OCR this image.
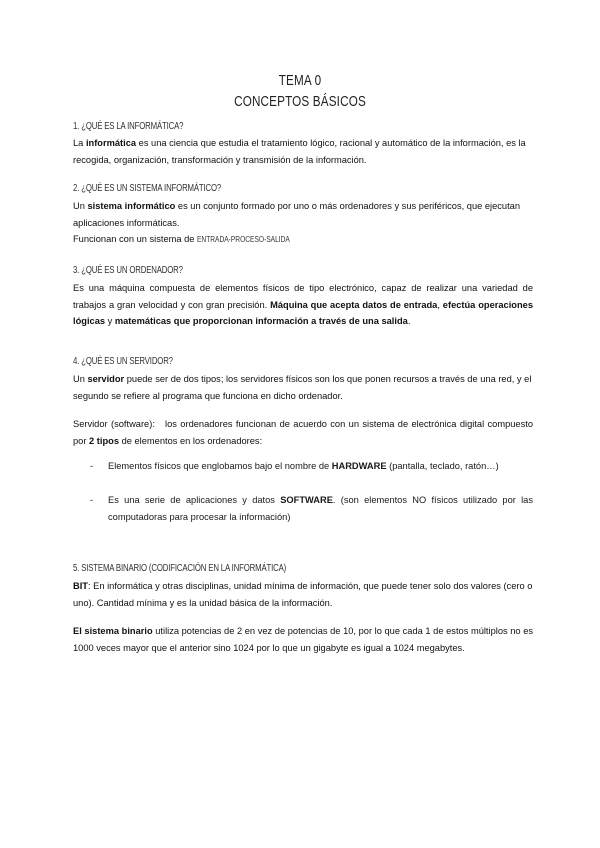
TEMA 0
CONCEPTOS BÁSICOS
1. ¿QUÉ ES LA INFORMÁTICA?
La informática es una ciencia que estudia el tratamiento lógico, racional y automático de la información, es la recogida, organización, transformación y transmisión de la información.
2. ¿QUÉ ES UN SISTEMA INFORMÁTICO?
Un sistema informático es un conjunto formado por uno o más ordenadores y sus periféricos, que ejecutan aplicaciones informáticas.
Funcionan con un sistema de ENTRADA-PROCESO-SALIDA
3. ¿QUÉ ES UN ORDENADOR?
Es una máquina compuesta de elementos físicos de tipo electrónico, capaz de realizar una variedad de trabajos a gran velocidad y con gran precisión. Máquina que acepta datos de entrada, efectúa operaciones lógicas y matemáticas que proporcionan información a través de una salida.
4. ¿QUÉ ES UN SERVIDOR?
Un servidor puede ser de dos tipos; los servidores físicos son los que ponen recursos a través de una red, y el segundo se refiere al programa que funciona en dicho ordenador.
Servidor (software):   los ordenadores funcionan de acuerdo con un sistema de electrónica digital compuesto por 2 tipos de elementos en los ordenadores:
- Elementos físicos que englobamos bajo el nombre de HARDWARE (pantalla, teclado, ratón…)
- Es una serie de aplicaciones y datos SOFTWARE. (son elementos NO físicos utilizado por las computadoras para procesar la información)
5. SISTEMA BINARIO (CODIFICACIÓN EN LA INFORMÁTICA)
BIT: En informática y otras disciplinas, unidad mínima de información, que puede tener solo dos valores (cero o uno). Cantidad mínima y es la unidad básica de la información.
El sistema binario utiliza potencias de 2 en vez de potencias de 10, por lo que cada 1 de estos múltiplos no es 1000 veces mayor que el anterior sino 1024 por lo que un gigabyte es igual a 1024 megabytes.
